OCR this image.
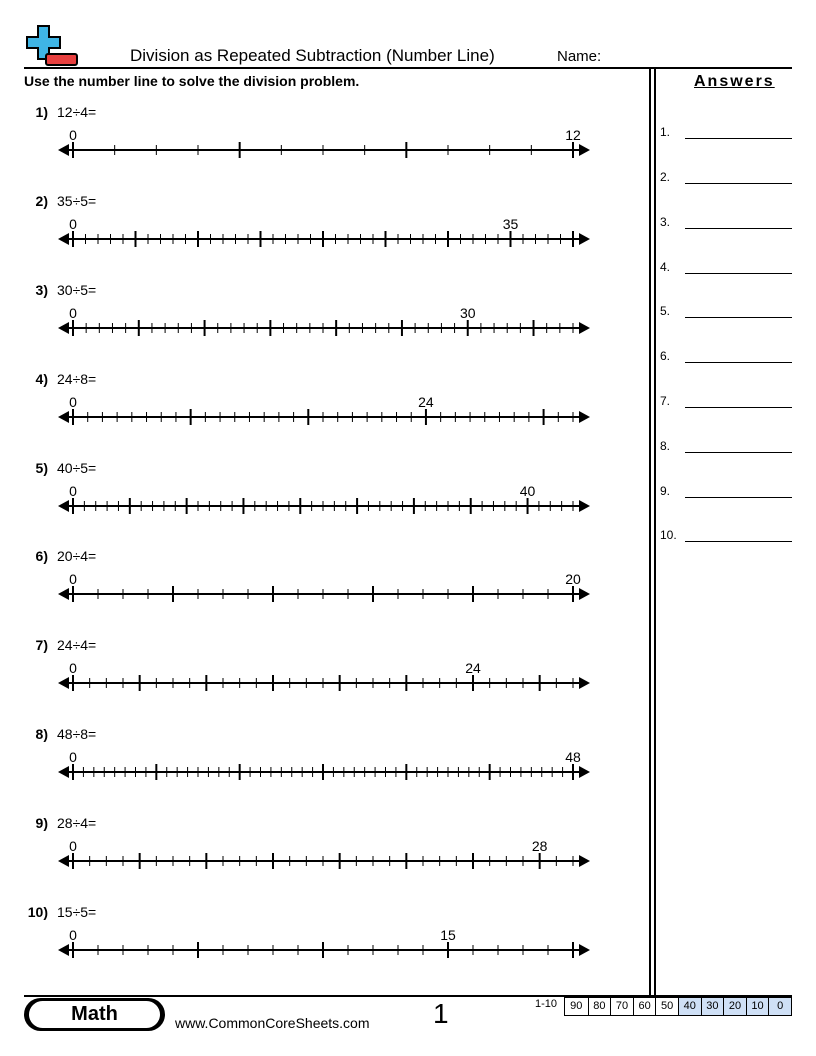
Division as Repeated Subtraction (Number Line)	Name:
Use the number line to solve the division problem.	Answers
1.
2.
3.
4.
5.
6.
7.
8.
9.
10.
1) 12÷4=
0	12
2) 35÷5=
0	35
3) 30÷5=
0	30
4) 24÷8=
0	24
5) 40÷5=
0	40
6) 20÷4=
0	20
7) 24÷4=
0	24
8) 48÷8=
0	48
9) 28÷4=
0	28
10) 15÷5=
0	15
Math	www.CommonCoreSheets.com 1	1-10	90 80 70 60 50 40 30 20 10	0
